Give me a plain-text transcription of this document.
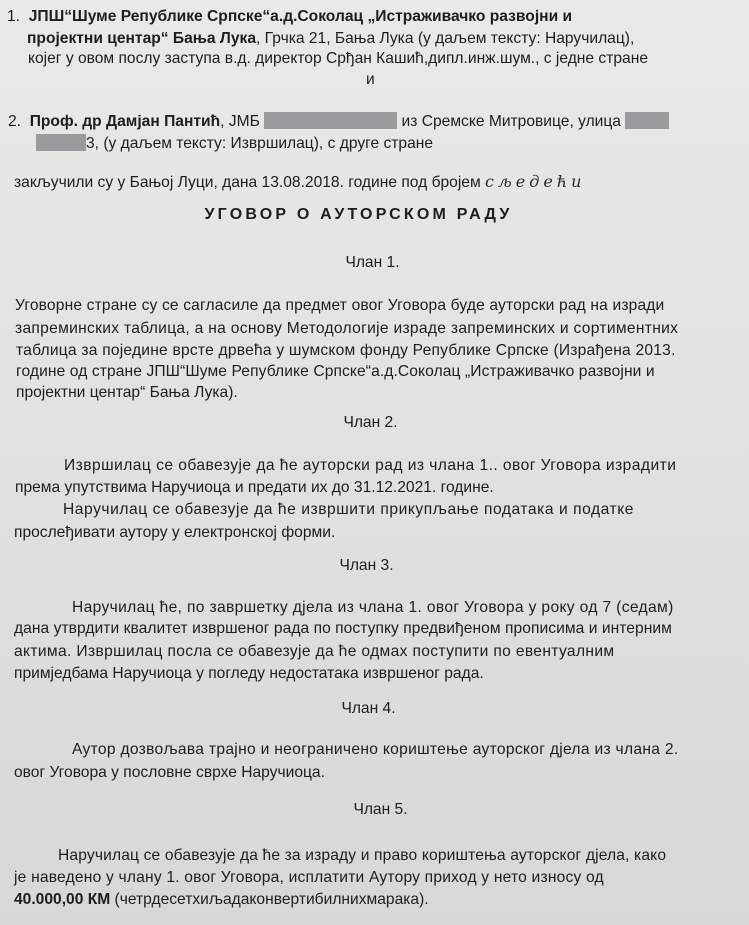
1. ЈПШ“Шуме Републике Српске“а.д.Соколац „Истраживачко развојни и
пројектни центар“ Бања Лука, Грчка 21, Бања Лука (у даљем тексту: Наручилац),
којег у овом послу заступа в.д. директор Срђан Кашић,дипл.инж.шум., с једне стране
и
2. Проф. др Дамјан Пантић, ЈМБ	из Сремске Митровице, улица
3, (у даљем тексту: Извршилац), с друге стране
закључили су у Бањој Луци, дана 13.08.2018. године под бројем сљедећи
УГОВОР О АУТОРСКОМ РАДУ
Члан 1.
Уговорне стране су се сагласиле да предмет овог Уговора буде ауторски рад на изради
запреминских таблица, а на основу Методологије израде запреминских и сортиментних
таблица за поједине врсте дрвећа у шумском фонду Републике Српске (Израђена 2013.
године од стране ЈПШ“Шуме Републике Српске“а.д.Соколац „Истраживачко развојни и
пројектни центар“ Бања Лука).
Члан 2.
Извршилац се обавезује да ће ауторски рад из члана 1.. овог Уговора израдити
према упутствима Наручиоца и предати их до 31.12.2021. године.
Наручилац се обавезује да ће извршити прикупљање података и податке
прослеђивати аутору у електронској форми.
Члан 3.
Наручилац ће, по завршетку дјела из члана 1. овог Уговора у року од 7 (седам)
дана утврдити квалитет извршеног рада по поступку предвиђеном прописима и интерним
актима. Извршилац посла се обавезује да ће одмах поступити по евентуалним
примједбама Наручиоца у погледу недостатака извршеног рада.
Члан 4.
Аутор дозвољава трајно и неограничено кориштење ауторског дјела из члана 2.
овог Уговора у пословне сврхе Наручиоца.
Члан 5.
Наручилац се обавезује да ће за израду и право кориштења ауторског дјела, како
је наведено у члану 1. овог Уговора, исплатити Аутору приход у нето износу од
40.000,00 КМ (четрдесетхиљадаконвертибилнихмарака).
